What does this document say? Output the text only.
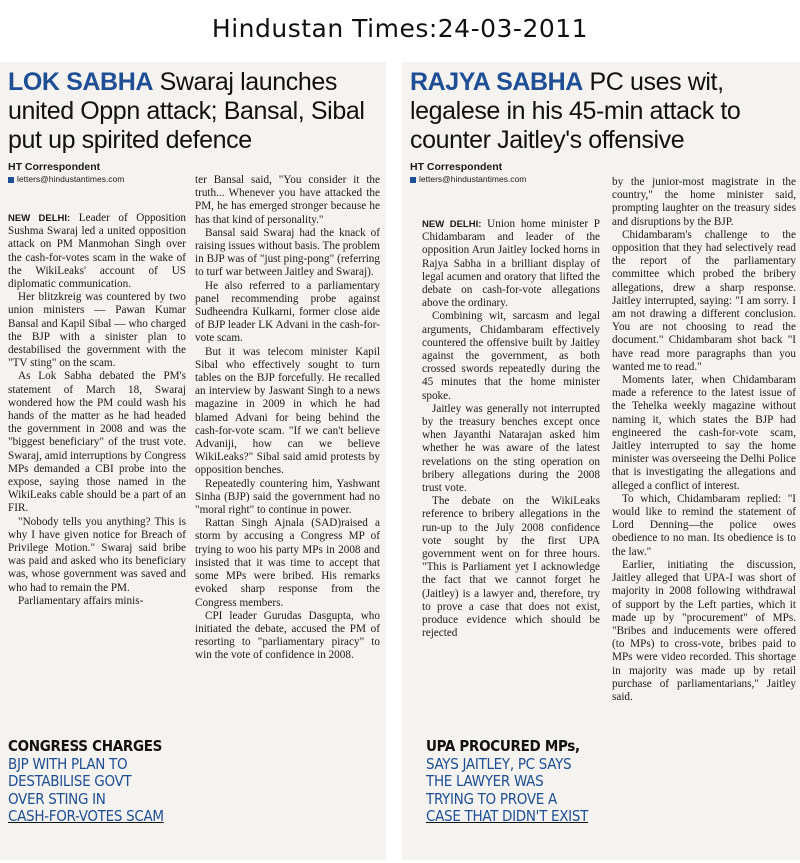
Hindustan Times:24-03-2011
LOK SABHA Swaraj launches united Oppn attack; Bansal, Sibal put up spirited defence
HT Correspondent
letters@hindustantimes.com

NEW DELHI: Leader of Opposition Sushma Swaraj led a united opposition attack on PM Manmohan Singh over the cash-for-votes scam in the wake of the WikiLeaks' account of US diplomatic communication.

Her blitzkreig was countered by two union ministers — Pawan Kumar Bansal and Kapil Sibal — who charged the BJP with a sinister plan to destabilised the government with the "TV sting" on the scam.

As Lok Sabha debated the PM's statement of March 18, Swaraj wondered how the PM could wash his hands of the matter as he had headed the government in 2008 and was the "biggest beneficiary" of the trust vote. Swaraj, amid interruptions by Congress MPs demanded a CBI probe into the expose, saying those named in the WikiLeaks cable should be a part of an FIR.

"Nobody tells you anything? This is why I have given notice for Breach of Privilege Motion." Swaraj said bribe was paid and asked who its beneficiary was, whose government was saved and who had to remain the PM.

Parliamentary affairs minis-

ter Bansal said, "You consider it the truth... Whenever you have attacked the PM, he has emerged stronger because he has that kind of personality."

Bansal said Swaraj had the knack of raising issues without basis. The problem in BJP was of "just ping-pong" (referring to turf war between Jaitley and Swaraj).

He also referred to a parliamentary panel recommending probe against Sudheendra Kulkarni, former close aide of BJP leader LK Advani in the cash-for-vote scam.

But it was telecom minister Kapil Sibal who effectively sought to turn tables on the BJP forcefully. He recalled an interview by Jaswant Singh to a news magazine in 2009 in which he had blamed Advani for being behind the cash-for-vote scam. "If we can't believe Advaniji, how can we believe WikiLeaks?" Sibal said amid protests by opposition benches.

Repeatedly countering him, Yashwant Sinha (BJP) said the government had no "moral right" to continue in power.

Rattan Singh Ajnala (SAD)raised a storm by accusing a Congress MP of trying to woo his party MPs in 2008 and insisted that it was time to accept that some MPs were bribed. His remarks evoked sharp response from the Congress members.

CPI leader Gurudas Dasgupta, who initiated the debate, accused the PM of resorting to "parliamentary piracy" to win the vote of confidence in 2008.

CONGRESS CHARGES
BJP WITH PLAN TO
DESTABILISE GOVT
OVER STING IN
CASH-FOR-VOTES SCAM
RAJYA SABHA PC uses wit, legalese in his 45-min attack to counter Jaitley's offensive
HT Correspondent
letters@hindustantimes.com

NEW DELHI: Union home minister P Chidambaram and leader of the opposition Arun Jaitley locked horns in Rajya Sabha in a brilliant display of legal acumen and oratory that lifted the debate on cash-for-vote allegations above the ordinary.

Combining wit, sarcasm and legal arguments, Chidambaram effectively countered the offensive built by Jaitley against the government, as both crossed swords repeatedly during the 45 minutes that the home minister spoke.

Jaitley was generally not interrupted by the treasury benches except once when Jayanthi Natarajan asked him whether he was aware of the latest revelations on the sting operation on bribery allegations during the 2008 trust vote.

The debate on the WikiLeaks reference to bribery allegations in the run-up to the July 2008 confidence vote sought by the first UPA government went on for three hours. "This is Parliament yet I acknowledge the fact that we cannot forget he (Jaitley) is a lawyer and, therefore, try to prove a case that does not exist, produce evidence which should be rejected

by the junior-most magistrate in the country," the home minister said, prompting laughter on the treasury sides and disruptions by the BJP.

Chidambaram's challenge to the opposition that they had selectively read the report of the parliamentary committee which probed the bribery allegations, drew a sharp response. Jaitley interrupted, saying: "I am sorry. I am not drawing a different conclusion. You are not choosing to read the document." Chidambaram shot back "I have read more paragraphs than you wanted me to read."

Moments later, when Chidambaram made a reference to the latest issue of the Tehelka weekly magazine without naming it, which states the BJP had engineered the cash-for-vote scam, Jaitley interrupted to say the home minister was overseeing the Delhi Police that is investigating the allegations and alleged a conflict of interest.

To which, Chidambaram replied: "I would like to remind the statement of Lord Denning—the police owes obedience to no man. Its obedience is to the law."

Earlier, initiating the discussion, Jaitley alleged that UPA-I was short of majority in 2008 following withdrawal of support by the Left parties, which it made up by "procurement" of MPs. "Bribes and inducements were offered (to MPs) to cross-vote, bribes paid to MPs were video recorded. This shortage in majority was made up by retail purchase of parliamentarians," Jaitley said.

UPA PROCURED MPs,
SAYS JAITLEY, PC SAYS
THE LAWYER WAS
TRYING TO PROVE A
CASE THAT DIDN'T EXIST
